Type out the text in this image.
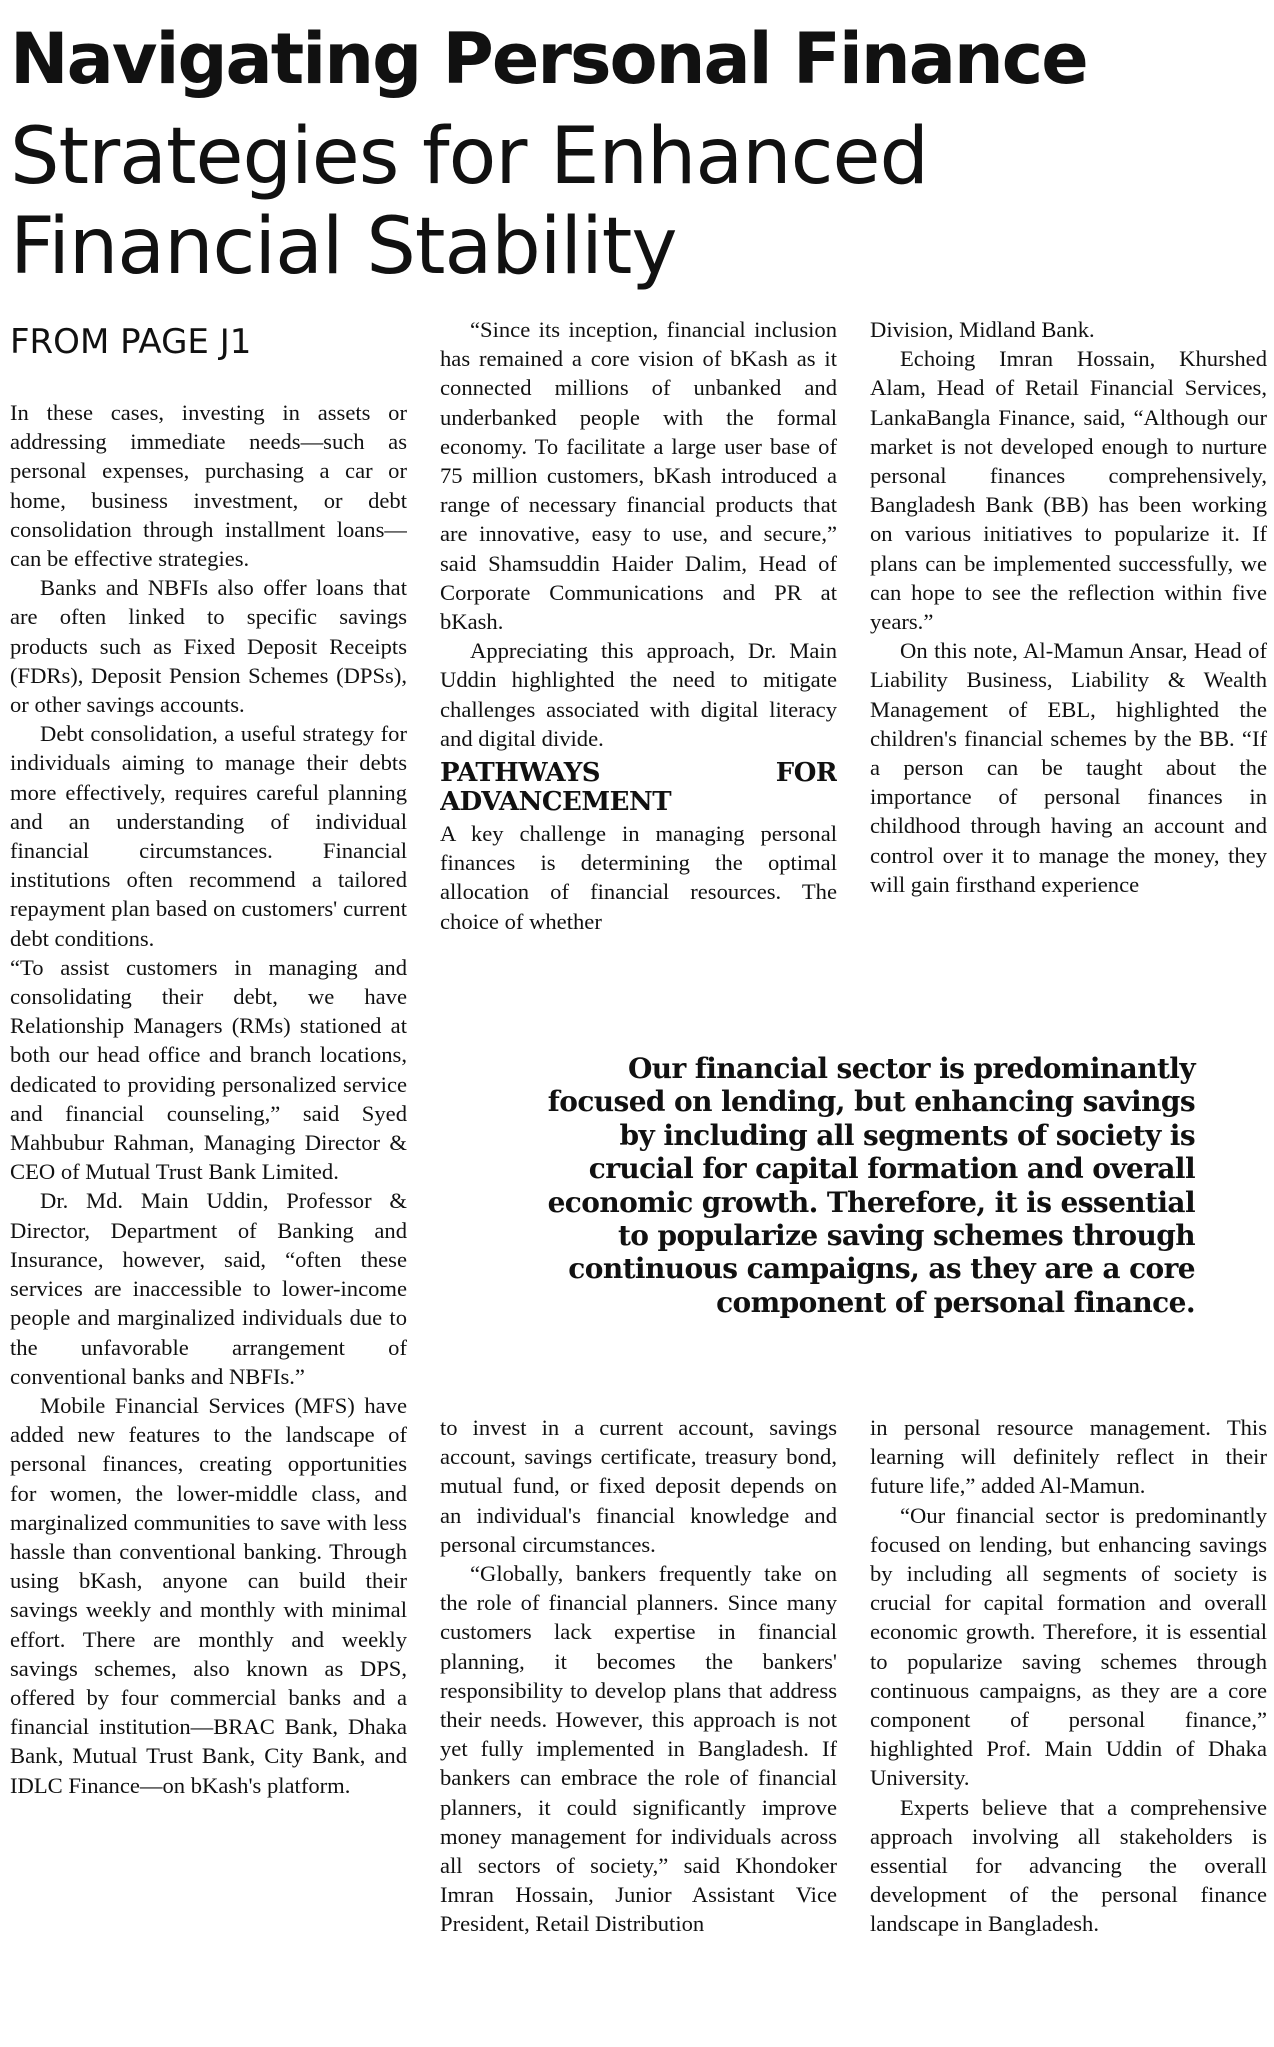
Navigating Personal Finance
Strategies for Enhanced Financial Stability
FROM PAGE J1

In these cases, investing in assets or addressing immediate needs—such as personal expenses, purchasing a car or home, business investment, or debt consolidation through installment loans—can be effective strategies.

Banks and NBFIs also offer loans that are often linked to specific savings products such as Fixed Deposit Receipts (FDRs), Deposit Pension Schemes (DPSs), or other savings accounts.

Debt consolidation, a useful strategy for individuals aiming to manage their debts more effectively, requires careful planning and an understanding of individual financial circumstances. Financial institutions often recommend a tailored repayment plan based on customers' current debt conditions.

“To assist customers in managing and consolidating their debt, we have Relationship Managers (RMs) stationed at both our head office and branch locations, dedicated to providing personalized service and financial counseling,” said Syed Mahbubur Rahman, Managing Director & CEO of Mutual Trust Bank Limited.

Dr. Md. Main Uddin, Professor & Director, Department of Banking and Insurance, however, said, “often these services are inaccessible to lower-income people and marginalized individuals due to the unfavorable arrangement of conventional banks and NBFIs.”

Mobile Financial Services (MFS) have added new features to the landscape of personal finances, creating opportunities for women, the lower-middle class, and marginalized communities to save with less hassle than conventional banking. Through using bKash, anyone can build their savings weekly and monthly with minimal effort. There are monthly and weekly savings schemes, also known as DPS, offered by four commercial banks and a financial institution—BRAC Bank, Dhaka Bank, Mutual Trust Bank, City Bank, and IDLC Finance—on bKash's platform.

“Since its inception, financial inclusion has remained a core vision of bKash as it connected millions of unbanked and underbanked people with the formal economy. To facilitate a large user base of 75 million customers, bKash introduced a range of necessary financial products that are innovative, easy to use, and secure,” said Shamsuddin Haider Dalim, Head of Corporate Communications and PR at bKash.

Appreciating this approach, Dr. Main Uddin highlighted the need to mitigate challenges associated with digital literacy and digital divide.

PATHWAYS FOR ADVANCEMENT

A key challenge in managing personal finances is determining the optimal allocation of financial resources. The choice of whether

Division, Midland Bank.

Echoing Imran Hossain, Khurshed Alam, Head of Retail Financial Services, LankaBangla Finance, said, “Although our market is not developed enough to nurture personal finances comprehensively, Bangladesh Bank (BB) has been working on various initiatives to popularize it. If plans can be implemented successfully, we can hope to see the reflection within five years.”

On this note, Al-Mamun Ansar, Head of Liability Business, Liability & Wealth Management of EBL, highlighted the children's financial schemes by the BB. “If a person can be taught about the importance of personal finances in childhood through having an account and control over it to manage the money, they will gain firsthand experience

Our financial sector is predominantly focused on lending, but enhancing savings by including all segments of society is crucial for capital formation and overall economic growth. Therefore, it is essential to popularize saving schemes through continuous campaigns, as they are a core component of personal finance.

to invest in a current account, savings account, savings certificate, treasury bond, mutual fund, or fixed deposit depends on an individual's financial knowledge and personal circumstances.

“Globally, bankers frequently take on the role of financial planners. Since many customers lack expertise in financial planning, it becomes the bankers' responsibility to develop plans that address their needs. However, this approach is not yet fully implemented in Bangladesh. If bankers can embrace the role of financial planners, it could significantly improve money management for individuals across all sectors of society,” said Khondoker Imran Hossain, Junior Assistant Vice President, Retail Distribution

in personal resource management. This learning will definitely reflect in their future life,” added Al-Mamun.

“Our financial sector is predominantly focused on lending, but enhancing savings by including all segments of society is crucial for capital formation and overall economic growth. Therefore, it is essential to popularize saving schemes through continuous campaigns, as they are a core component of personal finance,” highlighted Prof. Main Uddin of Dhaka University.

Experts believe that a comprehensive approach involving all stakeholders is essential for advancing the overall development of the personal finance landscape in Bangladesh.
